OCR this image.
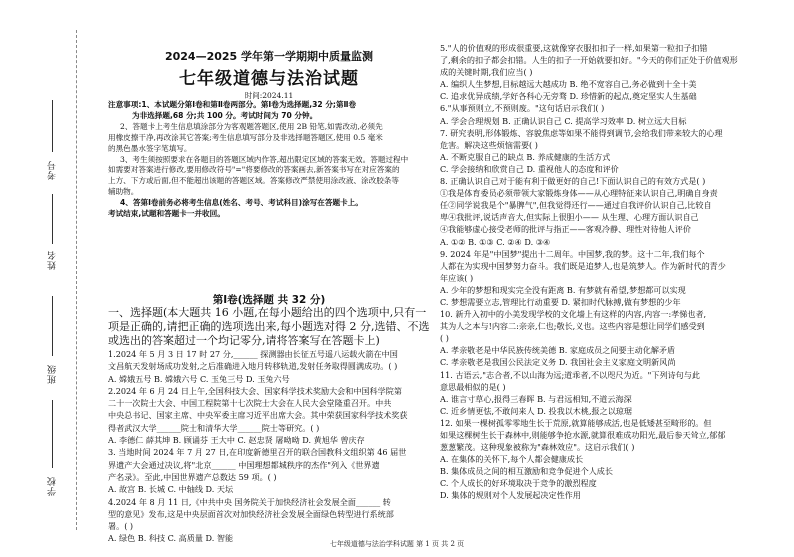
考号
姓名
班级
学校
2024—2025 学年第一学期期中质量监测
七年级道德与法治试题
时间:2024.11
注意事项:1、本试题分第Ⅰ卷和第Ⅱ卷两部分。第Ⅰ卷为选择题,32 分;第Ⅱ卷
为非选择题,68 分;共 100 分。考试时间为 70 分钟。
2、答题卡上考生信息填涂部分为客观题答题区,使用 2B 铅笔,如需改动,必须先
用橡皮擦干净,再改涂其它答案;考生信息填写部分及非选择题答题区,使用 0.5 毫米
的黑色墨水签字笔填写。
3、考生须按照要求在各题目的答题区域内作答,超出限定区域的答案无效。答题过程中
如需要对答案进行修改,要用修改符号"="将要修改的答案画去,新答案书写在对应答案的
上方、下方或后面,但不能超出该题的答题区域。答案修改严禁使用涂改液、涂改胶条等
辅助物。
4、答第Ⅰ卷前务必将考生信息(姓名、考号、考试科目)涂写在答题卡上。
考试结束,试题和答题卡一并收回。
第Ⅰ卷(选择题 共 32 分)
一、选择题(本大题共 16 小题,在每小题给出的四个选项中,只有一
项是正确的,请把正确的选项选出来,每小题选对得 2 分,选错、不选
或选出的答案超过一个均记零分,请将答案写在答题卡上)
1.2024 年 5 月 3 日 17 时 27 分,______ 探测器由长征五号遥八运载火箭在中国
文昌航天发射场成功发射,之后准确进入地月转移轨道,发射任务取得圆满成功。( )
A. 嫦娥五号 B. 嫦娥六号 C. 玉兔三号 D. 玉兔六号
2.2024 年 6 月 24 日上午,全国科技大会、国家科学技术奖励大会和中国科学院第
二十一次院士大会、中国工程院第十七次院士大会在人民大会堂隆重召开。中共
中央总书记、国家主席、中央军委主席习近平出席大会。其中荣获国家科学技术奖获
得者武汉大学______院士和清华大学______院士等研究。( )
A. 李德仁 薛其坤 B. 顾诵芬 王大中 C. 赵忠贤 屠呦呦 D. 黄旭华 曾庆存
3. 当地时间 2024 年 7 月 27 日,在印度新德里召开的联合国教科文组织第 46 届世
界遗产大会通过决议,将"北京______ 中国理想都城秩序的杰作"列入《世界遗
产名录》。至此,中国世界遗产总数达 59 项。( )
A. 故宫 B. 长城 C. 中轴线 D. 天坛
4.2024 年 8 月 11 日,《中共中央 国务院关于加快经济社会发展全面______ 转
型的意见》发布,这是中央层面首次对加快经济社会发展全面绿色转型进行系统部
署。( )
A. 绿色 B. 科技 C. 高质量 D. 智能
5."人的价值观的形成很重要,这就像穿衣服扣扣子一样,如果第一粒扣子扣错
了,剩余的扣子都会扣错。人生的扣子一开始就要扣好。"今天的你们正处于价值观形
成的关键时期,我们应当( )
A. 编织人生梦想,目标越远大越成功 B. 绝不宽容自己,务必做到十全十美
C. 追求优异成绩,学好各科心无旁骛 D. 珍惜新的起点,奠定坚实人生基础
6."从事预则立,不预则废。"这句话启示我们( )
A. 学会合理规划 B. 正确认识自己 C. 提高学习效率 D. 树立远大目标
7. 研究表明,形体锻炼、容貌焦虑等如果不能得到调节,会给我们带来较大的心理
危害。解决这些烦恼需要( )
A. 不断克服自己的缺点 B. 养成健康的生活方式
C. 学会接纳和欣赏自己 D. 重视他人的态度和评价
8. 正确认识自己对于能有利于做更好的自己!下面认识自己的有效方式是( )
①我是体育委员必须带领大家锻炼身体——从心理特征来认识自己,明确自身责
任②同学说我是个"暴脾气",但我觉得还行——通过自我评价认识自己,比较自
卑④我批评,说话声音大,但实际上很胆小—— 从生理、心理方面认识自己
④我能够虚心接受老师的批评与指正——客观冷静、理性对待他人评价
A. ①② B. ①③ C. ②④ D. ③④
9. 2024 年是"中国梦"提出十二周年。中国梦,我的梦。这十二年,我们每个
人都在为实现中国梦努力奋斗。我们既是追梦人,也是筑梦人。作为新时代的青少
年应该( )
A. 少年的梦想和现实完全没有距离 B. 有梦就有希望,梦想都可以实现
C. 梦想需要立志,管理比行动重要 D. 紧扣时代脉搏,做有梦想的少年
10. 新升入初中的小美发现学校的文化墙上有这样的内容,内容一:孝悌也者,
其为人之本与!内容二:亲亲,仁也;敬长,义也。这些内容是想让同学们感受到
( )
A. 孝亲敬老是中华民族传统美德 B. 家庭成员之间要主动化解矛盾
C. 孝亲敬老是我国公民法定义务 D. 我国社会主义家庭文明新风尚
11. 古语云,"志合者,不以山海为远;道乖者,不以咫尺为近。"下列诗句与此
意思最相似的是( )
A. 谁言寸草心,报得三春晖 B. 与君远相知,不道云海深
C. 近乡情更怯,不敢问来人 D. 投我以木桃,报之以琼琚
12. 如果一棵树孤零零地生长于荒原,就算能够成活,也是低矮甚至畸形的。但
如果这棵树生长于森林中,则能够争抢水源,就算很难成功阳光,最后参天耸立,郁郁
葱葱繁茂。这种现象被称为"森林效应"。这启示我们( )
A. 在集体的关怀下,每个人都会健康成长
B. 集体成员之间的相互激励和竞争促进个人成长
C. 个人成长的好环境取决于竞争的激烈程度
D. 集体的规则对个人发展起决定性作用
七年级道德与法治学科试题 第 1 页 共 2 页
